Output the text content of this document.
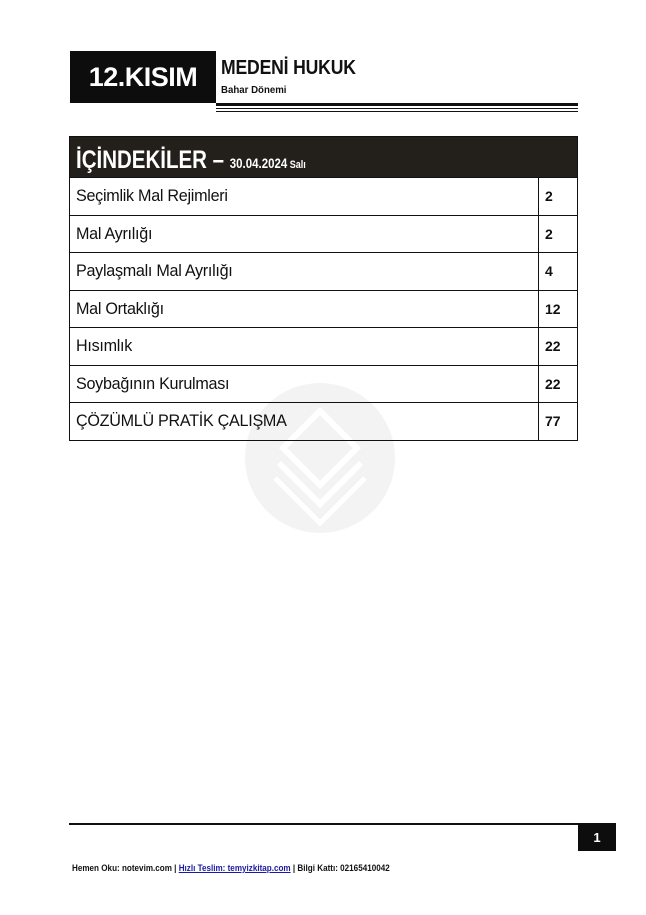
12.KISIM	MEDENİ HUKUK
Bahar Dönemi
İÇİNDEKİLER – 30.04.2024 Salı
Seçimlik Mal Rejimleri	2
Mal Ayrılığı	2
Paylaşmalı Mal Ayrılığı	4
Mal Ortaklığı	12
Hısımlık	22
Soybağının Kurulması	22
ÇÖZÜMLÜ PRATİK ÇALIŞMA	77
1
Hemen Oku: notevim.com | Hızlı Teslim: temyizkitap.com | Bilgi Kattı: 02165410042
